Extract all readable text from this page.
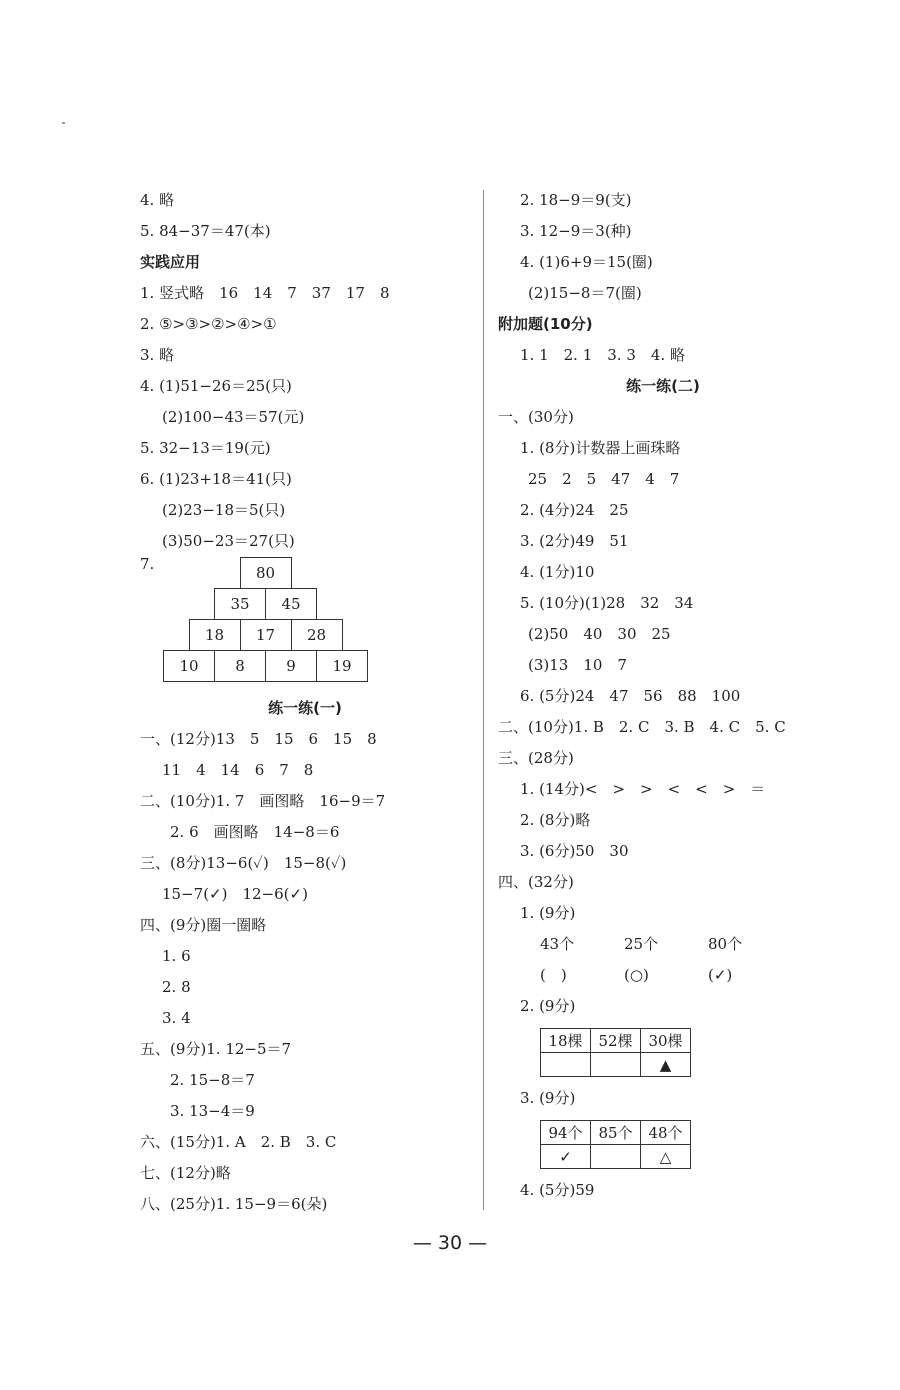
4. 略
5. 84−37＝47(本)
实践应用
1. 竖式略　16　14　7　37　17　8
2. ⑤>③>②>④>①
3. 略
4. (1)51−26＝25(只)
(2)100−43＝57(元)
5. 32−13＝19(元)
6. (1)23+18＝41(只)
(2)23−18＝5(只)
(3)50−23＝27(只)
7.	80
35	45
18	17	28
10	8	9	19
练一练(一)
一、(12分)13　5　15　6　15　8
11　4　14　6　7　8
二、(10分)1. 7　画图略　16−9＝7
2. 6　画图略　14−8＝6
三、(8分)13−6(✓)　15−8(✓)
15−7(✓)　12−6(✓)
四、(9分)圈一圈略
1. 6
2. 8
3. 4
五、(9分)1. 12−5＝7
2. 15−8＝7
3. 13−4＝9
六、(15分)1. A　2. B　3. C
七、(12分)略
八、(25分)1. 15−9＝6(朵)
2. 18−9＝9(支)
3. 12−9＝3(种)
4. (1)6+9＝15(圈)
(2)15−8＝7(圈)
附加题(10分)
1. 1　2. 1　3. 3　4. 略
练一练(二)
一、(30分)
1. (8分)计数器上画珠略
25　2　5　47　4　7
2. (4分)24　25
3. (2分)49　51
4. (1分)10
5. (10分)(1)28　32　34
(2)50　40　30　25
(3)13　10　7
6. (5分)24　47　56　88　100
二、(10分)1. B　2. C　3. B　4. C　5. C
三、(28分)
1. (14分)<　>　>　<　<　>　＝
2. (8分)略
3. (6分)50　30
四、(32分)
1. (9分)
43个	25个	80个
(　)	(○)	(✓)
2. (9分)
18棵	52棵	30棵
		▲
3. (9分)
94个	85个	48个
✓		△
4. (5分)59
— 30 —
